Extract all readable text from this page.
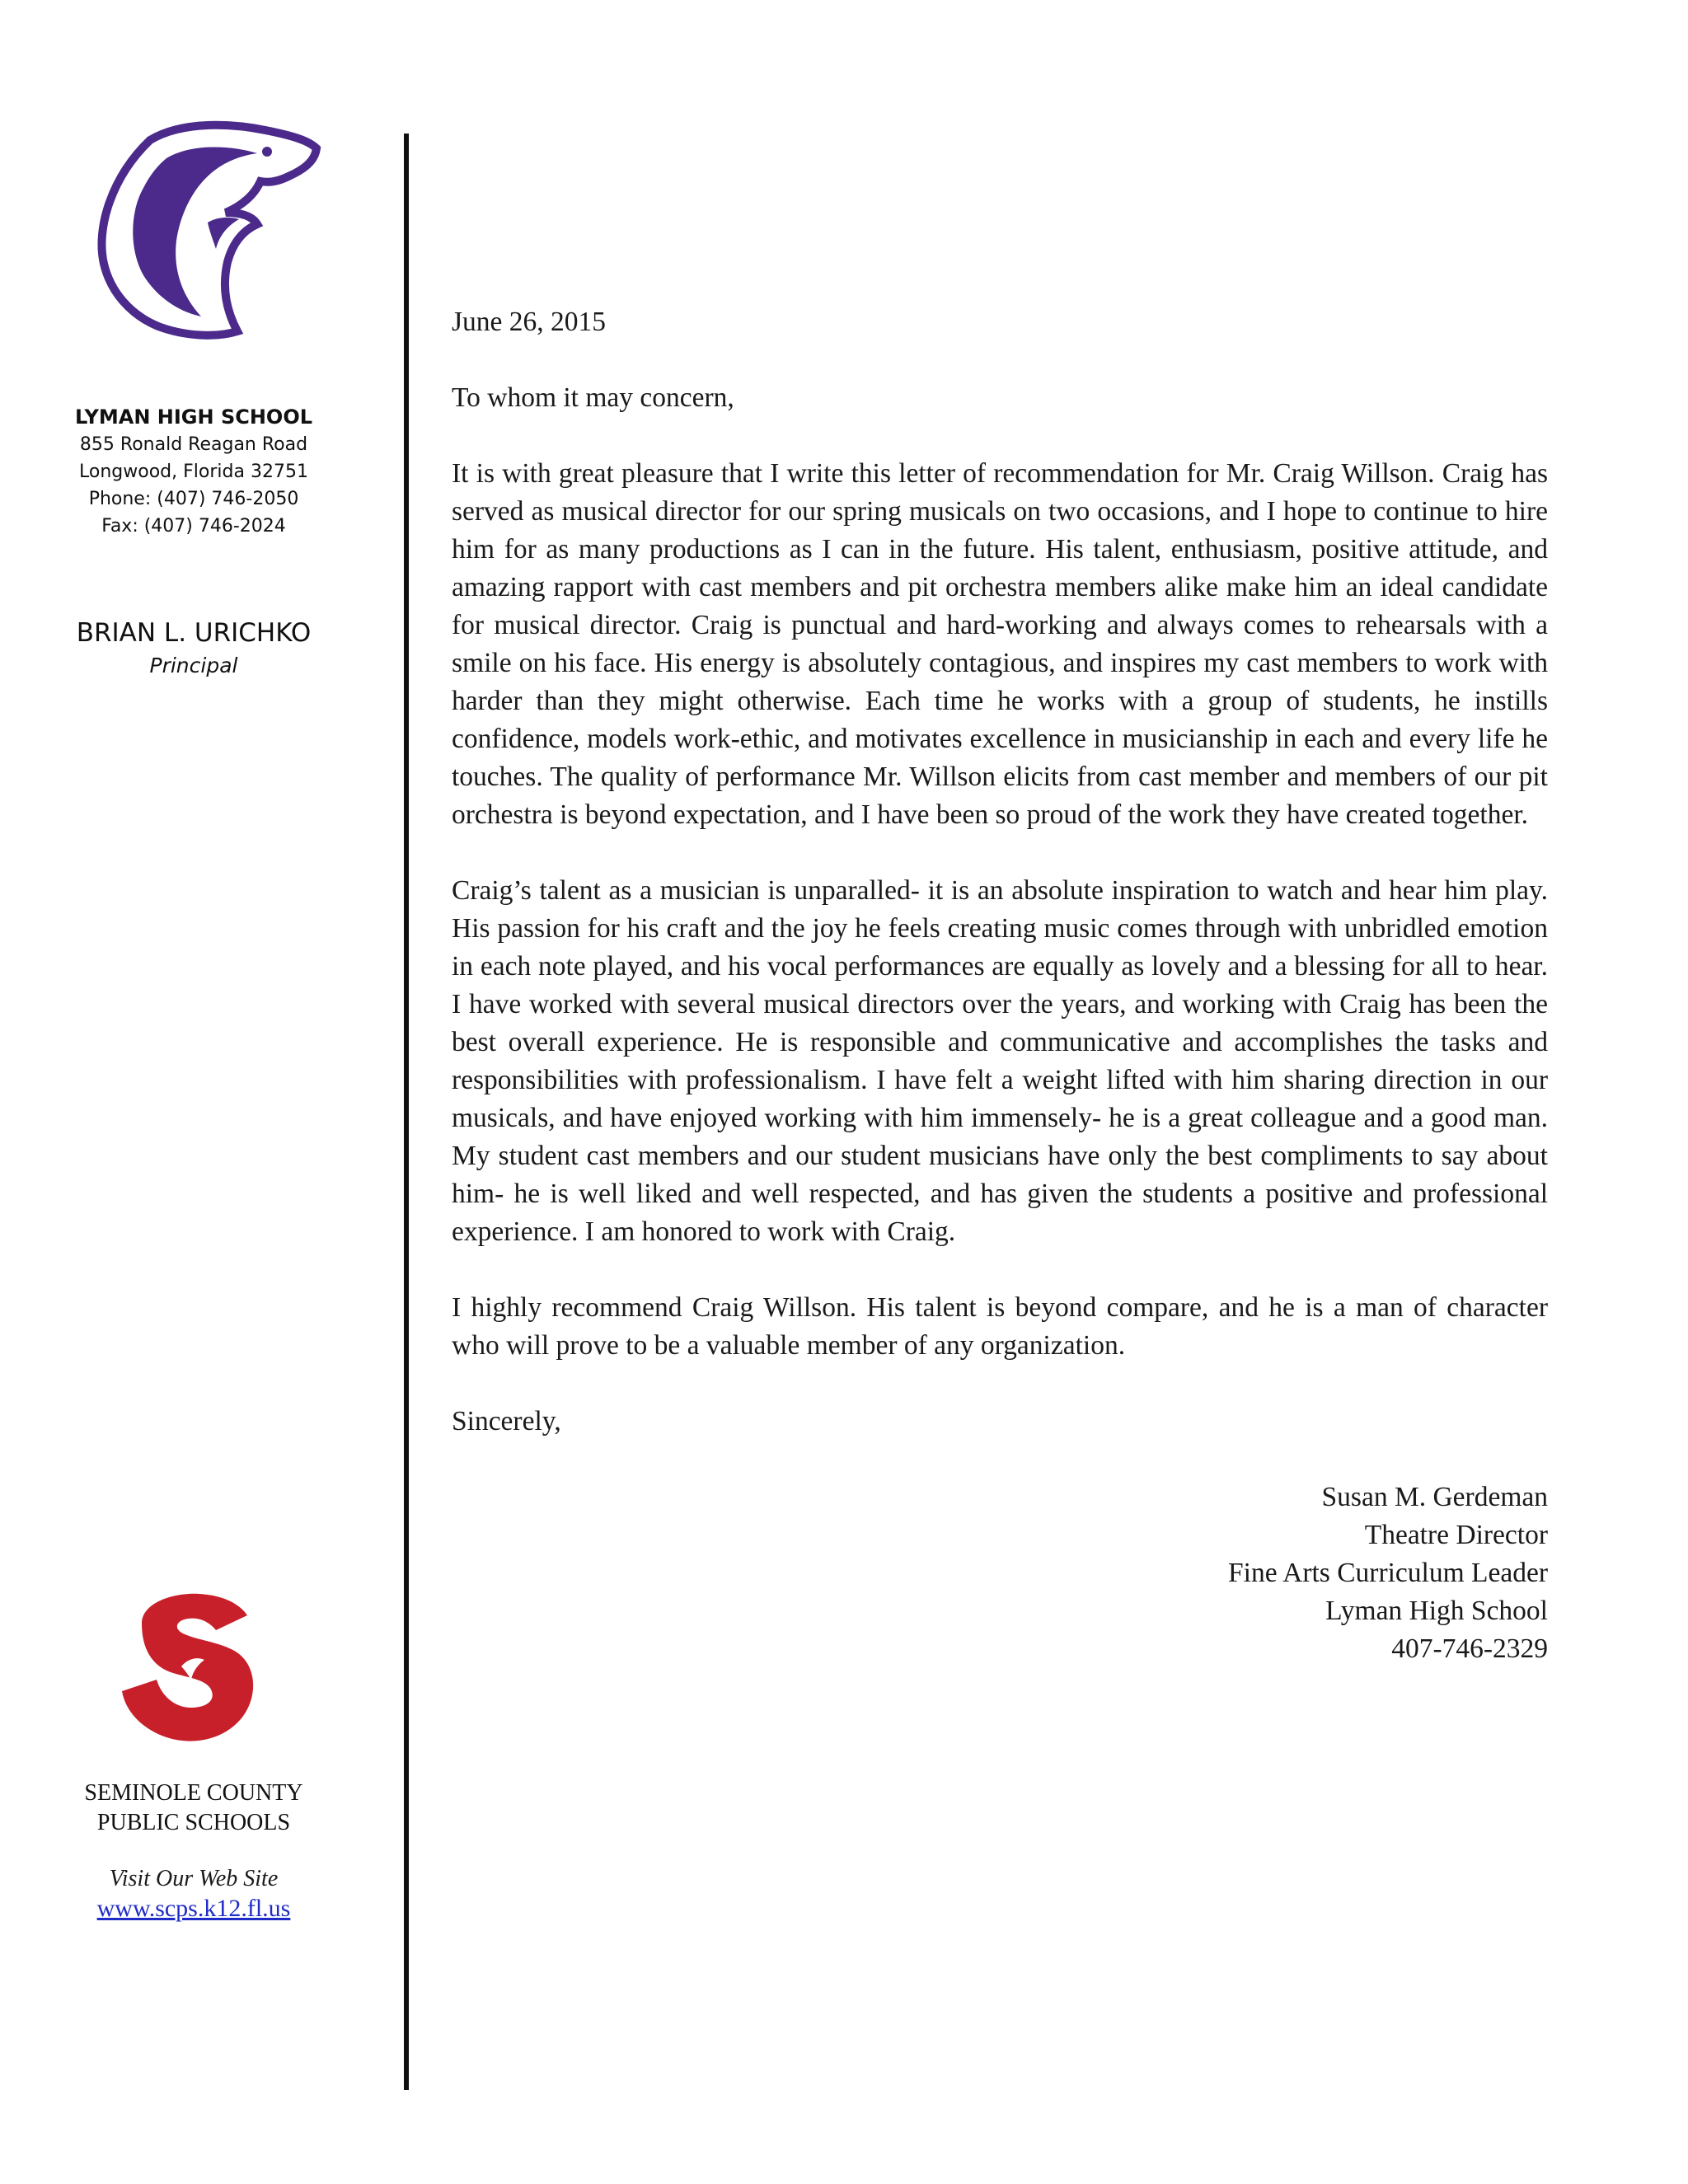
LYMAN HIGH SCHOOL
855 Ronald Reagan Road
Longwood, Florida 32751
Phone: (407) 746-2050
Fax: (407) 746-2024
BRIAN L. URICHKO
Principal
SEMINOLE COUNTY
PUBLIC SCHOOLS
Visit Our Web Site
www.scps.k12.fl.us

June 26, 2015

To whom it may concern,

It is with great pleasure that I write this letter of recommendation for Mr. Craig Willson. Craig has served as musical director for our spring musicals on two occasions, and I hope to continue to hire him for as many productions as I can in the future. His talent, enthusiasm, positive attitude, and amazing rapport with cast members and pit orchestra members alike make him an ideal candidate for musical director. Craig is punctual and hard-working and always comes to rehearsals with a smile on his face. His energy is absolutely contagious, and inspires my cast members to work with harder than they might otherwise. Each time he works with a group of students, he instills confidence, models work-ethic, and motivates excellence in musicianship in each and every life he touches. The quality of performance Mr. Willson elicits from cast member and members of our pit orchestra is beyond expectation, and I have been so proud of the work they have created together.

Craig’s talent as a musician is unparalled- it is an absolute inspiration to watch and hear him play. His passion for his craft and the joy he feels creating music comes through with unbridled emotion in each note played, and his vocal performances are equally as lovely and a blessing for all to hear. I have worked with several musical directors over the years, and working with Craig has been the best overall experience. He is responsible and communicative and accomplishes the tasks and responsibilities with professionalism. I have felt a weight lifted with him sharing direction in our musicals, and have enjoyed working with him immensely- he is a great colleague and a good man. My student cast members and our student musicians have only the best compliments to say about him- he is well liked and well respected, and has given the students a positive and professional experience. I am honored to work with Craig.

I highly recommend Craig Willson. His talent is beyond compare, and he is a man of character who will prove to be a valuable member of any organization.

Sincerely,

Susan M. Gerdeman
Theatre Director
Fine Arts Curriculum Leader
Lyman High School
407-746-2329
